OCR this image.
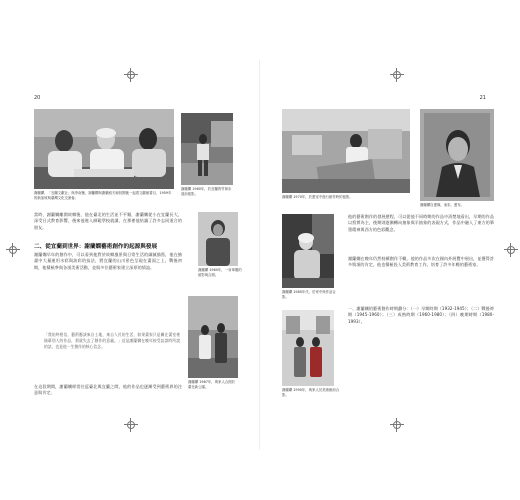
20
謝蘭嫻、「宜蘭文獻社」與李南衡，謝蘭嫻與謝蘭庭夫婦回國後一起看文獻館書目，1959年的新加坡與臺灣文化交流會。
謝蘭嫻 1960年，於宜蘭的竹林步道前留影。
謝蘭嫻 1960年，一身軍服的留影與合照。
謝蘭嫻 1967年，與家人合照於臺北新公園。
當時，謝蘭嫻離開故鄉後，他在臺北的生活並不平順，謝蘭嫻從小在宜蘭長大，深受日式教育影響，後來他進入師範學校就讀，在那裡他結識了許多志同道合的朋友。
二、從宜蘭到世界：謝蘭嫻藝術創作的起源與發展
謝蘭嫻早年的創作中，可以看到他對於故鄉風景與日常生活的細膩描寫，他在繪畫中大量運用水彩與油彩的技法，將宜蘭的山川景色呈現在畫面之上。戰後初期，他積極參與各項美術活動，並與多位藝術家建立深厚的情誼。
「我始終相信，藝術應該來自土地，來自人民的生活，如果畫家只是關在畫室裡描摹別人的作品，那就失去了創作的意義。」這是謝蘭嫻在晚年接受訪談時所說的話，也是他一生創作的核心信念。
在這段期間，謝蘭嫻經常往返臺北與宜蘭之間，他的作品也逐漸受到藝術界的注意與肯定。
21
謝蘭嫻 1970年，於畫室中進行創作時的留影。
謝蘭嫻自畫像，油彩，畫布。
謝蘭嫻 1980年代，於家中與作品合影。
謝蘭嫻 1990年，與家人於美術館前合影。
他的藝術創作的發展歷程，可以從他不同時期的作品中清楚地看出，早期的作品以寫實為主，後期則逐漸轉向抽象與半抽象的表現方式，作品中融入了東方的筆墨精神與西方的色彩觀念。
謝蘭嫻在晚年仍然持續創作不輟，他的作品多次在國內外展覽中展出，並獲得許多獎項的肯定，他也積極投入美術教育工作，培育了許多年輕的藝術家。
一、謝蘭嫻的藝術創作時期劃分：（一）早期時期（1932-1945）；（二）戰後時期（1945-1960）；（三）成熟時期（1960-1980）；（四）晚期時期（1980-1993）。
